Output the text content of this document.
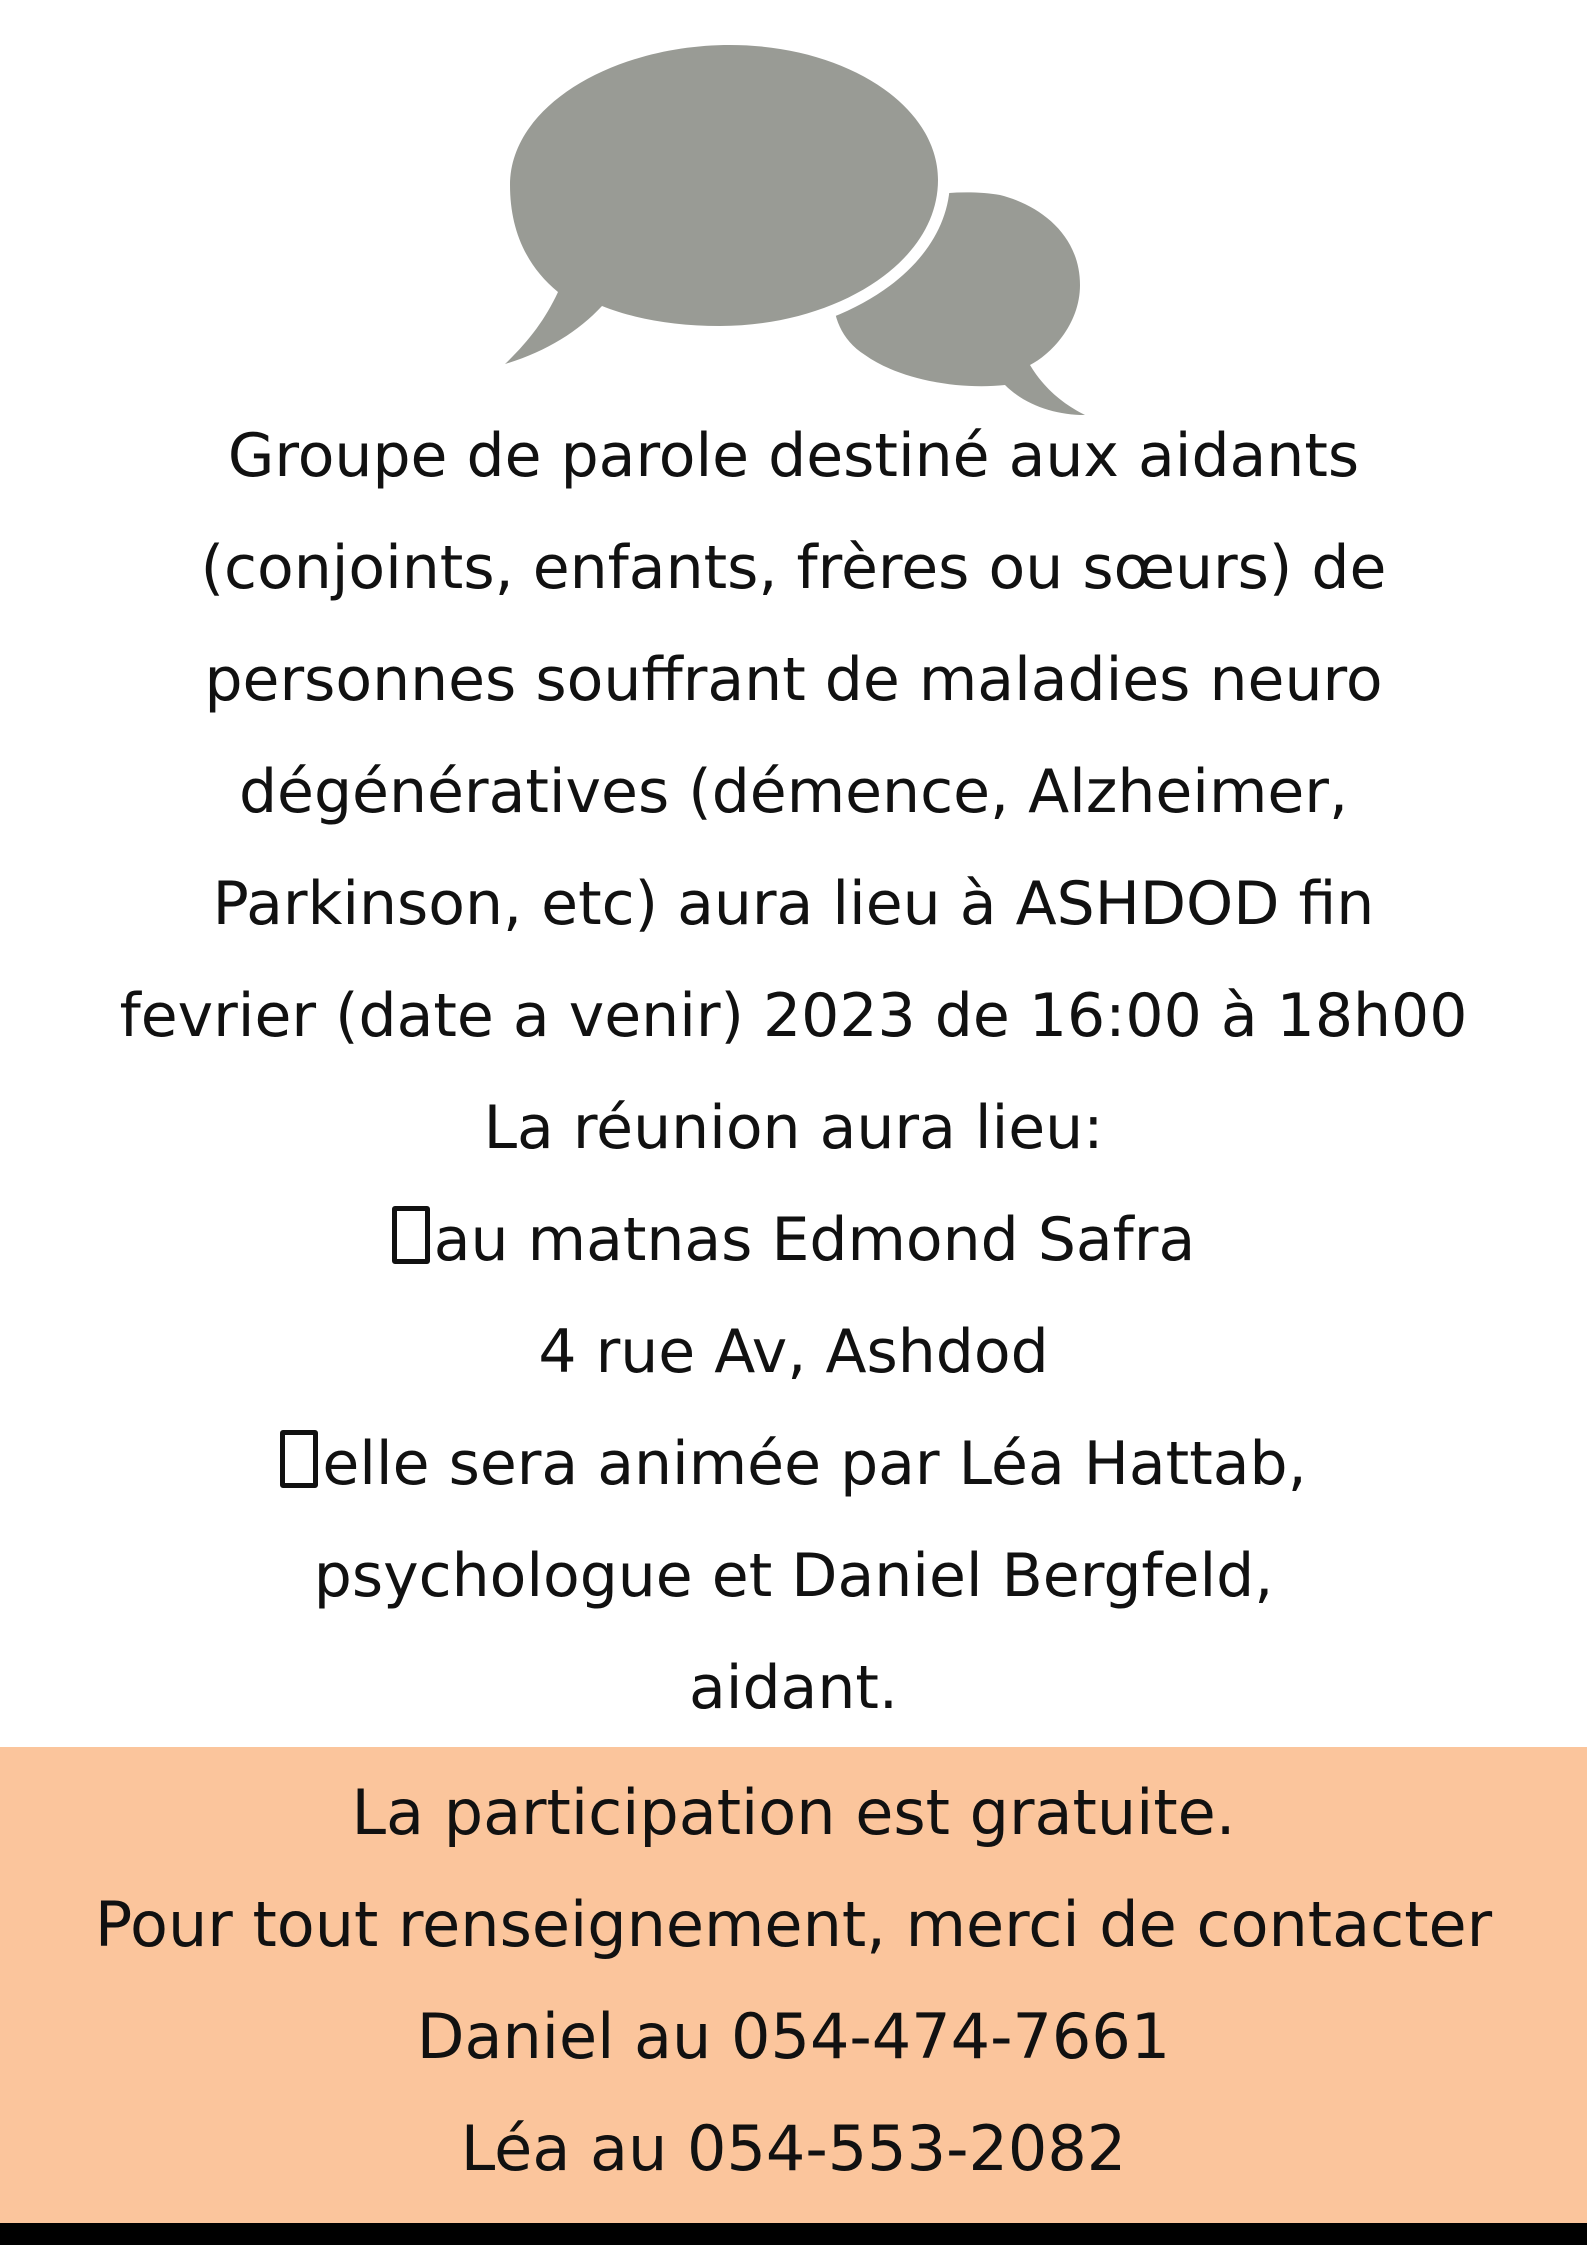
Groupe de parole destiné aux aidants
(conjoints, enfants, frères ou sœurs) de
personnes souffrant de maladies neuro
dégénératives (démence, Alzheimer,
Parkinson, etc) aura lieu à ASHDOD fin
fevrier (date a venir) 2023 de 16:00 à 18h00
La réunion aura lieu:
au matnas Edmond Safra
4 rue Av, Ashdod
elle sera animée par Léa Hattab,
psychologue et Daniel Bergfeld,
aidant.
La participation est gratuite.
Pour tout renseignement, merci de contacter
Daniel au 054-474-7661
Léa au 054-553-2082
